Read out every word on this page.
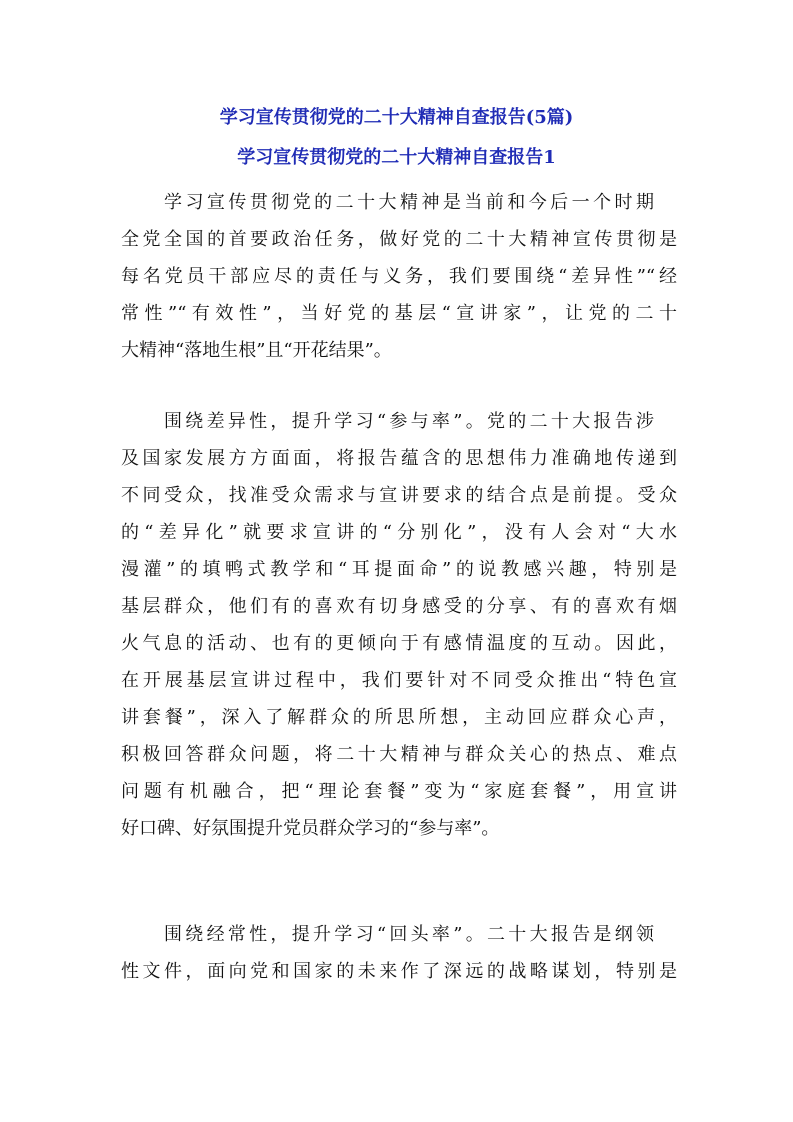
学习宣传贯彻党的二十大精神自查报告(5篇)
学习宣传贯彻党的二十大精神自查报告1
学习宣传贯彻党的二十大精神是当前和今后一个时期
全党全国的首要政治任务，做好党的二十大精神宣传贯彻是
每名党员干部应尽的责任与义务，我们要围绕“差异性”“经
常性”“有效性”，当好党的基层“宣讲家”，让党的二十
大精神“落地生根”且“开花结果”。
围绕差异性，提升学习“参与率”。党的二十大报告涉
及国家发展方方面面，将报告蕴含的思想伟力准确地传递到
不同受众，找准受众需求与宣讲要求的结合点是前提。受众
的“差异化”就要求宣讲的“分别化”，没有人会对“大水
漫灌”的填鸭式教学和“耳提面命”的说教感兴趣，特别是
基层群众，他们有的喜欢有切身感受的分享、有的喜欢有烟
火气息的活动、也有的更倾向于有感情温度的互动。因此，
在开展基层宣讲过程中，我们要针对不同受众推出“特色宣
讲套餐”，深入了解群众的所思所想，主动回应群众心声，
积极回答群众问题，将二十大精神与群众关心的热点、难点
问题有机融合，把“理论套餐”变为“家庭套餐”，用宣讲
好口碑、好氛围提升党员群众学习的“参与率”。
围绕经常性，提升学习“回头率”。二十大报告是纲领
性文件，面向党和国家的未来作了深远的战略谋划，特别是
